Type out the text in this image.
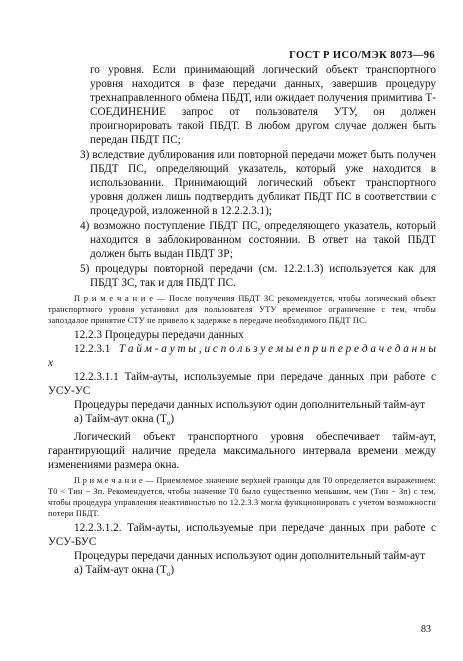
ГОСТ Р ИСО/МЭК 8073—96

го уровня. Если принимающий логический объект транспортного уровня находится в фазе передачи данных, завершив процедуру трехнаправленного обмена ПБДТ, или ожидает получения примитива Т-СОЕДИНЕНИЕ запрос от пользователя УТУ, он должен проигнорировать такой ПБДТ. В любом другом случае должен быть передан ПБДТ ПС;

3) вследствие дублирования или повторной передачи может быть получен ПБДТ ПС, определяющий указатель, который уже находится в использовании. Принимающий логический объект транспортного уровня должен лишь подтвердить дубликат ПБДТ ПС в соответствии с процедурой, изложенной в 12.2.2.3.1);

4) возможно поступление ПБДТ ПС, определяющего указатель, который находится в заблокированном состоянии. В ответ на такой ПБДТ должен быть выдан ПБДТ ЗР;

5) процедуры повторной передачи (см. 12.2.1.3) используется как для ПБДТ ЗС, так и для ПБДТ ПС.

П р и м е ч а н и е — После получения ПБДТ ЗС рекомендуется, чтобы логический объект транспортного уровня установил для пользователя УТУ временное ограничение с тем, чтобы запоздалое принятие СТУ не привело к задержке в передаче необходимого ПБДТ ПС.

12.2.3 Процедуры передачи данных

12.2.3.1 Т а й м - а у т ы , и с п о л ь з у е м ы е п р и п е р е д а ч е д а н н ы х

12.2.3.1.1 Тайм-ауты, используемые при передаче данных при работе с УСУ-УС

Процедуры передачи данных используют один дополнительный тайм-аут

а) Тайм-аут окна $(T_о)$

Логический объект транспортного уровня обеспечивает тайм-аут, гарантирующий наличие предела максимального интервала времени между изменениями размера окна.

П р и м е ч а н и е — Приемлемое значение верхней границы для T0 определяется выражением: T0 < Tин − Зп. Рекомендуется, чтобы значение T0 было существенно меньшим, чем (Tин − Зп) с тем, чтобы процедура управления неактивностью по 12.2.3.3 могла функционировать с учетом возможности потери ПБДТ.

12.2.3.1.2. Тайм-ауты, используемые при передаче данных при работе с УСУ-БУС

Процедуры передачи данных используют один дополнительный тайм-аут

а) Тайм-аут окна $(T_о)$

83
